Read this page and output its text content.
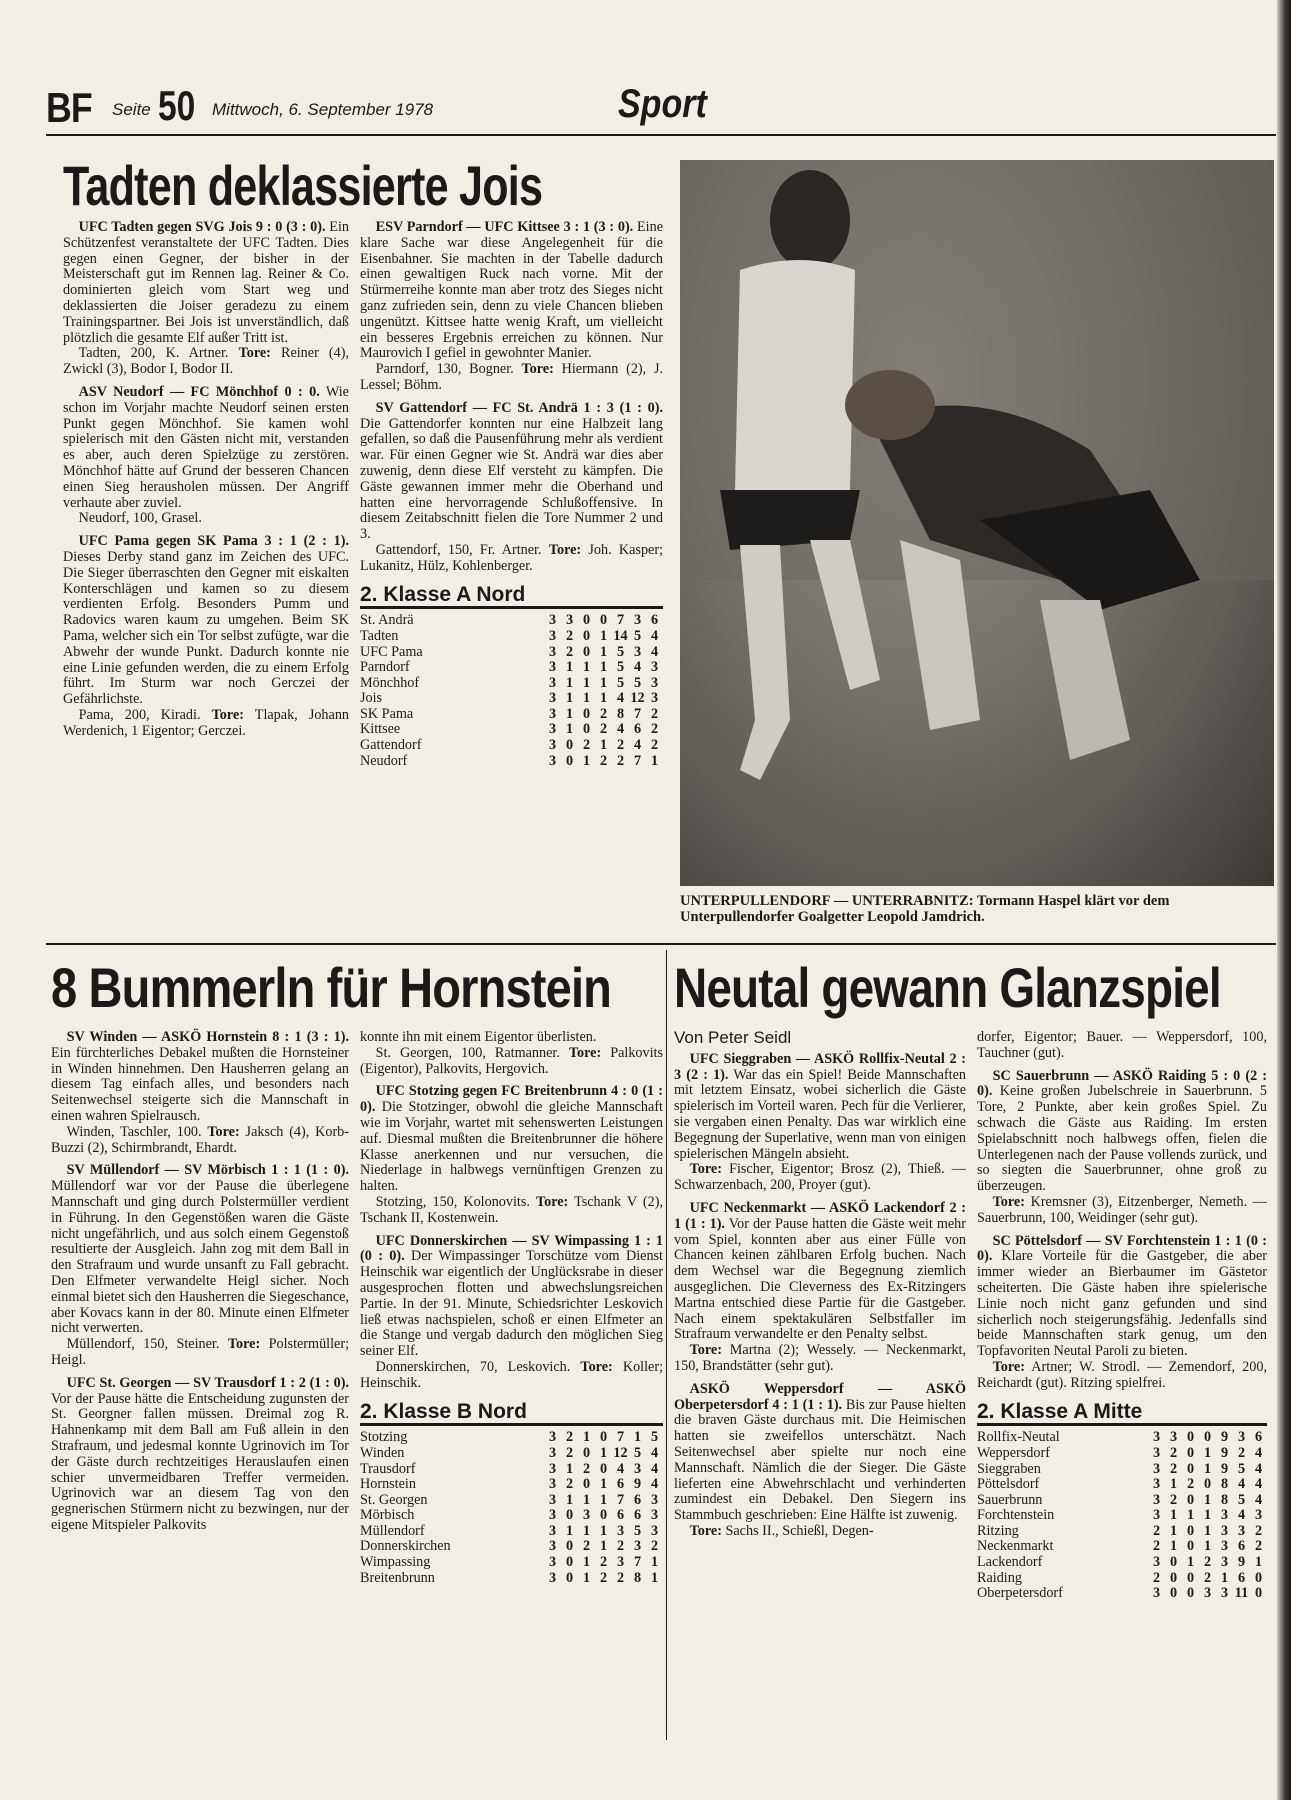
BF Seite 50 Mittwoch, 6. September 1978	Sport
Tadten deklassierte Jois

UFC Tadten gegen SVG Jois 9 : 0 (3 : 0). Ein Schützenfest veranstaltete der UFC Tadten. Dies gegen einen Gegner, der bisher in der Meisterschaft gut im Rennen lag. Reiner & Co. dominierten gleich vom Start weg und deklassierten die Joiser geradezu zu einem Trainingspartner. Bei Jois ist unverständlich, daß plötzlich die gesamte Elf außer Tritt ist.

Tadten, 200, K. Artner. Tore: Reiner (4), Zwickl (3), Bodor I, Bodor II.

ASV Neudorf — FC Mönchhof 0 : 0. Wie schon im Vorjahr machte Neudorf seinen ersten Punkt gegen Mönchhof. Sie kamen wohl spielerisch mit den Gästen nicht mit, verstanden es aber, auch deren Spielzüge zu zerstören. Mönchhof hätte auf Grund der besseren Chancen einen Sieg herausholen müssen. Der Angriff verhaute aber zuviel.

Neudorf, 100, Grasel.

UFC Pama gegen SK Pama 3 : 1 (2 : 1). Dieses Derby stand ganz im Zeichen des UFC. Die Sieger überraschten den Gegner mit eiskalten Konterschlägen und kamen so zu diesem verdienten Erfolg. Besonders Pumm und Radovics waren kaum zu umgehen. Beim SK Pama, welcher sich ein Tor selbst zufügte, war die Abwehr der wunde Punkt. Dadurch konnte nie eine Linie gefunden werden, die zu einem Erfolg führt. Im Sturm war noch Gerczei der Gefährlichste.

Pama, 200, Kiradi. Tore: Tlapak, Johann Werdenich, 1 Eigentor; Gerczei.

ESV Parndorf — UFC Kittsee 3 : 1 (3 : 0). Eine klare Sache war diese Angelegenheit für die Eisenbahner. Sie machten in der Tabelle dadurch einen gewaltigen Ruck nach vorne. Mit der Stürmerreihe konnte man aber trotz des Sieges nicht ganz zufrieden sein, denn zu viele Chancen blieben ungenützt. Kittsee hatte wenig Kraft, um vielleicht ein besseres Ergebnis erreichen zu können. Nur Maurovich I gefiel in gewohnter Manier.

Parndorf, 130, Bogner. Tore: Hiermann (2), J. Lessel; Böhm.

SV Gattendorf — FC St. Andrä 1 : 3 (1 : 0). Die Gattendorfer konnten nur eine Halbzeit lang gefallen, so daß die Pausenführung mehr als verdient war. Für einen Gegner wie St. Andrä war dies aber zuwenig, denn diese Elf versteht zu kämpfen. Die Gäste gewannen immer mehr die Oberhand und hatten eine hervorragende Schlußoffensive. In diesem Zeitabschnitt fielen die Tore Nummer 2 und 3.

Gattendorf, 150, Fr. Artner. Tore: Joh. Kasper; Lukanitz, Hülz, Kohlenberger.

2. Klasse A Nord
St. Andrä	3	3	0	0	7	3	6
Tadten	3	2	0	1	14	5	4
UFC Pama	3	2	0	1	5	3	4
Parndorf	3	1	1	1	5	4	3
Mönchhof	3	1	1	1	5	5	3
Jois	3	1	1	1	4	12	3
SK Pama	3	1	0	2	8	7	2
Kittsee	3	1	0	2	4	6	2
Gattendorf	3	0	2	1	2	4	2
Neudorf	3	0	1	2	2	7	1
UNTERPULLENDORF — UNTERRABNITZ: Tormann Haspel klärt vor dem Unterpullendorfer Goalgetter Leopold Jamdrich.
8 Bummerln für Hornstein Neutal gewann Glanzspiel

SV Winden — ASKÖ Hornstein 8 : 1 (3 : 1). Ein fürchterliches Debakel mußten die Hornsteiner in Winden hinnehmen. Den Hausherren gelang an diesem Tag einfach alles, und besonders nach Seitenwechsel steigerte sich die Mannschaft in einen wahren Spielrausch.

Winden, Taschler, 100. Tore: Jaksch (4), Korb-Buzzi (2), Schirmbrandt, Ehardt.

SV Müllendorf — SV Mörbisch 1 : 1 (1 : 0). Müllendorf war vor der Pause die überlegene Mannschaft und ging durch Polstermüller verdient in Führung. In den Gegenstößen waren die Gäste nicht ungefährlich, und aus solch einem Gegenstoß resultierte der Ausgleich. Jahn zog mit dem Ball in den Strafraum und wurde unsanft zu Fall gebracht. Den Elfmeter verwandelte Heigl sicher. Noch einmal bietet sich den Hausherren die Siegeschance, aber Kovacs kann in der 80. Minute einen Elfmeter nicht verwerten.

Müllendorf, 150, Steiner. Tore: Polstermüller; Heigl.

UFC St. Georgen — SV Trausdorf 1 : 2 (1 : 0). Vor der Pause hätte die Entscheidung zugunsten der St. Georgner fallen müssen. Dreimal zog R. Hahnenkamp mit dem Ball am Fuß allein in den Strafraum, und jedesmal konnte Ugrinovich im Tor der Gäste durch rechtzeitiges Herauslaufen einen schier unvermeidbaren Treffer vermeiden. Ugrinovich war an diesem Tag von den gegnerischen Stürmern nicht zu bezwingen, nur der eigene Mitspieler Palkovits

konnte ihn mit einem Eigentor überlisten.

St. Georgen, 100, Ratmanner. Tore: Palkovits (Eigentor), Palkovits, Hergovich.

UFC Stotzing gegen FC Breitenbrunn 4 : 0 (1 : 0). Die Stotzinger, obwohl die gleiche Mannschaft wie im Vorjahr, wartet mit sehenswerten Leistungen auf. Diesmal mußten die Breitenbrunner die höhere Klasse anerkennen und nur versuchen, die Niederlage in halbwegs vernünftigen Grenzen zu halten.

Stotzing, 150, Kolonovits. Tore: Tschank V (2), Tschank II, Kostenwein.

UFC Donnerskirchen — SV Wimpassing 1 : 1 (0 : 0). Der Wimpassinger Torschütze vom Dienst Heinschik war eigentlich der Unglücksrabe in dieser ausgesprochen flotten und abwechslungsreichen Partie. In der 91. Minute, Schiedsrichter Leskovich ließ etwas nachspielen, schoß er einen Elfmeter an die Stange und vergab dadurch den möglichen Sieg seiner Elf.

Donnerskirchen, 70, Leskovich. Tore: Koller; Heinschik.

2. Klasse B Nord
Stotzing	3	2	1	0	7	1	5
Winden	3	2	0	1	12	5	4
Trausdorf	3	1	2	0	4	3	4
Hornstein	3	2	0	1	6	9	4
St. Georgen	3	1	1	1	7	6	3
Mörbisch	3	0	3	0	6	6	3
Müllendorf	3	1	1	1	3	5	3
Donnerskirchen	3	0	2	1	2	3	2
Wimpassing	3	0	1	2	3	7	1
Breitenbrunn	3	0	1	2	2	8	1
Von Peter Seidl

UFC Sieggraben — ASKÖ Rollfix-Neutal 2 : 3 (2 : 1). War das ein Spiel! Beide Mannschaften mit letztem Einsatz, wobei sicherlich die Gäste spielerisch im Vorteil waren. Pech für die Verlierer, sie vergaben einen Penalty. Das war wirklich eine Begegnung der Superlative, wenn man von einigen spielerischen Mängeln absieht.

Tore: Fischer, Eigentor; Brosz (2), Thieß. — Schwarzenbach, 200, Proyer (gut).

UFC Neckenmarkt — ASKÖ Lackendorf 2 : 1 (1 : 1). Vor der Pause hatten die Gäste weit mehr vom Spiel, konnten aber aus einer Fülle von Chancen keinen zählbaren Erfolg buchen. Nach dem Wechsel war die Begegnung ziemlich ausgeglichen. Die Cleverness des Ex-Ritzingers Martna entschied diese Partie für die Gastgeber. Nach einem spektakulären Selbstfaller im Strafraum verwandelte er den Penalty selbst.

Tore: Martna (2); Wessely. — Neckenmarkt, 150, Brandstätter (sehr gut).

ASKÖ Weppersdorf — ASKÖ Oberpetersdorf 4 : 1 (1 : 1). Bis zur Pause hielten die braven Gäste durchaus mit. Die Heimischen hatten sie zweifellos unterschätzt. Nach Seitenwechsel aber spielte nur noch eine Mannschaft. Nämlich die der Sieger. Die Gäste lieferten eine Abwehrschlacht und verhinderten zumindest ein Debakel. Den Siegern ins Stammbuch geschrieben: Eine Hälfte ist zuwenig.

Tore: Sachs II., Schießl, Degen-

dorfer, Eigentor; Bauer. — Weppersdorf, 100, Tauchner (gut).

SC Sauerbrunn — ASKÖ Raiding 5 : 0 (2 : 0). Keine großen Jubelschreie in Sauerbrunn. 5 Tore, 2 Punkte, aber kein großes Spiel. Zu schwach die Gäste aus Raiding. Im ersten Spielabschnitt noch halbwegs offen, fielen die Unterlegenen nach der Pause vollends zurück, und so siegten die Sauerbrunner, ohne groß zu überzeugen.

Tore: Kremsner (3), Eitzenberger, Nemeth. — Sauerbrunn, 100, Weidinger (sehr gut).

SC Pöttelsdorf — SV Forchtenstein 1 : 1 (0 : 0). Klare Vorteile für die Gastgeber, die aber immer wieder an Bierbaumer im Gästetor scheiterten. Die Gäste haben ihre spielerische Linie noch nicht ganz gefunden und sind sicherlich noch steigerungsfähig. Jedenfalls sind beide Mannschaften stark genug, um den Topfavoriten Neutal Paroli zu bieten.

Tore: Artner; W. Strodl. — Zemendorf, 200, Reichardt (gut). Ritzing spielfrei.

2. Klasse A Mitte
Rollfix-Neutal	3	3	0	0	9	3	6
Weppersdorf	3	2	0	1	9	2	4
Sieggraben	3	2	0	1	9	5	4
Pöttelsdorf	3	1	2	0	8	4	4
Sauerbrunn	3	2	0	1	8	5	4
Forchtenstein	3	1	1	1	3	4	3
Ritzing	2	1	0	1	3	3	2
Neckenmarkt	2	1	0	1	3	6	2
Lackendorf	3	0	1	2	3	9	1
Raiding	2	0	0	2	1	6	0
Oberpetersdorf	3	0	0	3	3	11	0
